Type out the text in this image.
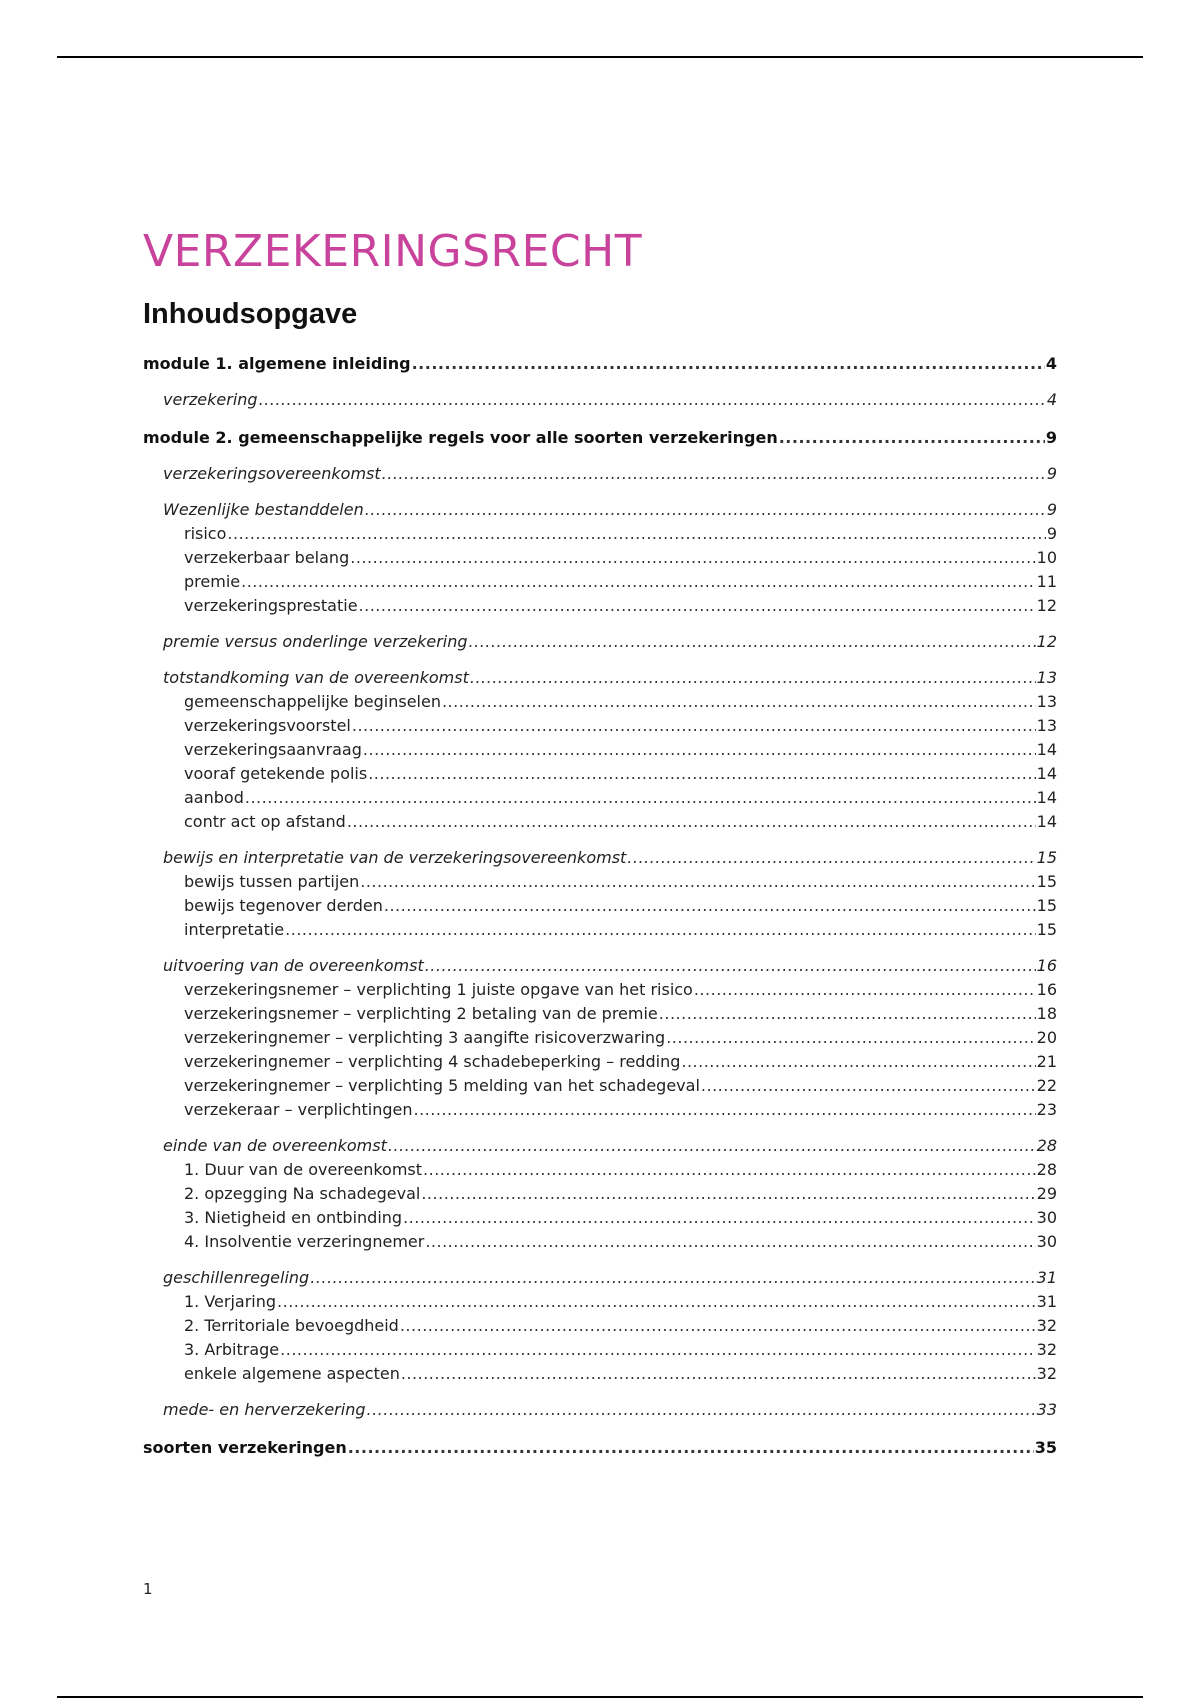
VERZEKERINGSRECHT
Inhoudsopgave
module 1. algemene inleiding .....	4
verzekering .....	4
module 2. gemeenschappelijke regels voor alle soorten verzekeringen .....	9
verzekeringsovereenkomst .....	9
Wezenlijke bestanddelen .....	9
risico .....	9
verzekerbaar belang .....	10
premie .....	11
verzekeringsprestatie .....	12
premie versus onderlinge verzekering .....	12
totstandkoming van de overeenkomst .....	13
gemeenschappelijke beginselen .....	13
verzekeringsvoorstel .....	13
verzekeringsaanvraag .....	14
vooraf getekende polis .....	14
aanbod .....	14
contr act op afstand .....	14
bewijs en interpretatie van de verzekeringsovereenkomst .....	15
bewijs tussen partijen .....	15
bewijs tegenover derden .....	15
interpretatie .....	15
uitvoering van de overeenkomst .....	16
verzekeringsnemer – verplichting 1 juiste opgave van het risico .....	16
verzekeringsnemer – verplichting 2 betaling van de premie .....	18
verzekeringnemer – verplichting 3 aangifte risicoverzwaring .....	20
verzekeringnemer – verplichting 4 schadebeperking – redding .....	21
verzekeringnemer – verplichting 5 melding van het schadegeval .....	22
verzekeraar – verplichtingen .....	23
einde van de overeenkomst .....	28
1. Duur van de overeenkomst .....	28
2. opzegging Na schadegeval .....	29
3. Nietigheid en ontbinding .....	30
4. Insolventie verzeringnemer .....	30
geschillenregeling .....	31
1. Verjaring .....	31
2. Territoriale bevoegdheid .....	32
3. Arbitrage .....	32
enkele algemene aspecten .....	32
mede- en herverzekering .....	33
soorten verzekeringen .....	35
1
